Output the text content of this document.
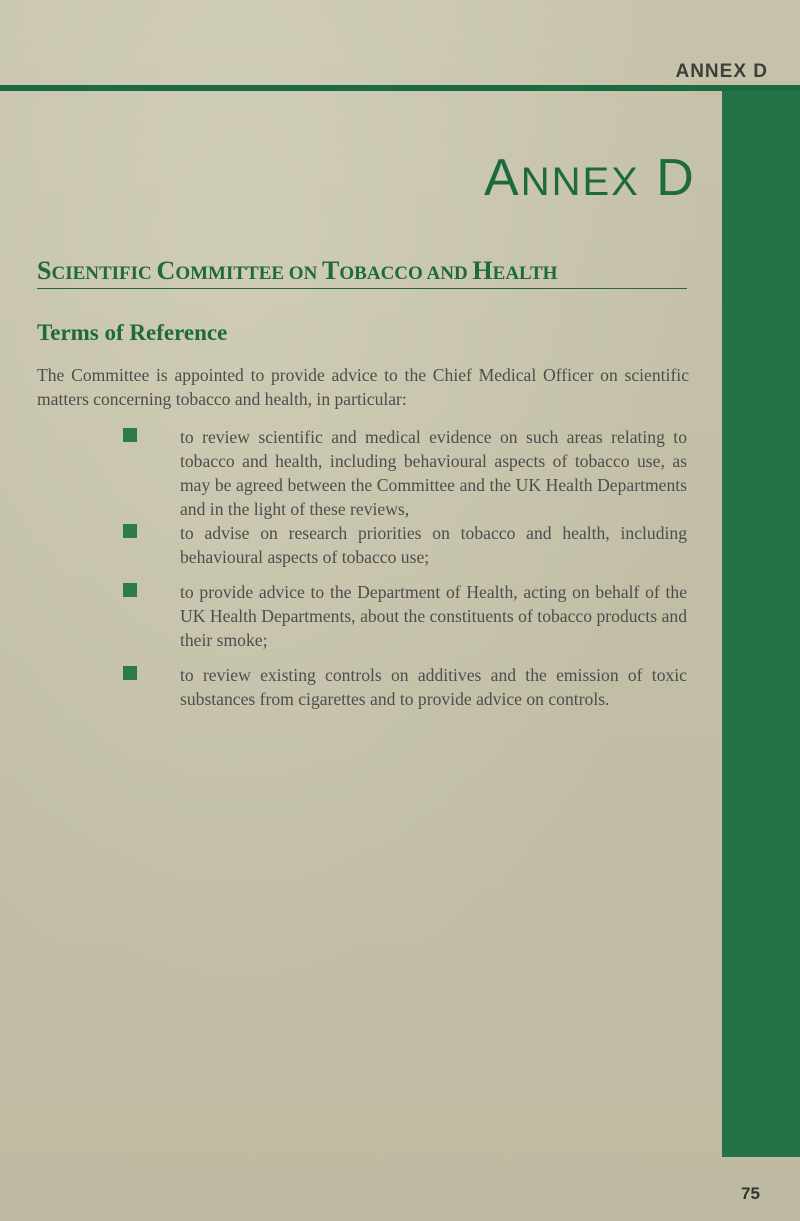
ANNEX D
ANNEX D
SCIENTIFIC COMMITTEE ON TOBACCO AND HEALTH
Terms of Reference
The Committee is appointed to provide advice to the Chief Medical Officer on scientific matters concerning tobacco and health, in particular:
to review scientific and medical evidence on such areas relating to tobacco and health, including behavioural aspects of tobacco use, as may be agreed between the Committee and the UK Health Departments and in the light of these reviews,
to advise on research priorities on tobacco and health, including behavioural aspects of tobacco use;
to provide advice to the Department of Health, acting on behalf of the UK Health Departments, about the constituents of tobacco products and their smoke;
to review existing controls on additives and the emission of toxic substances from cigarettes and to provide advice on controls.
75
